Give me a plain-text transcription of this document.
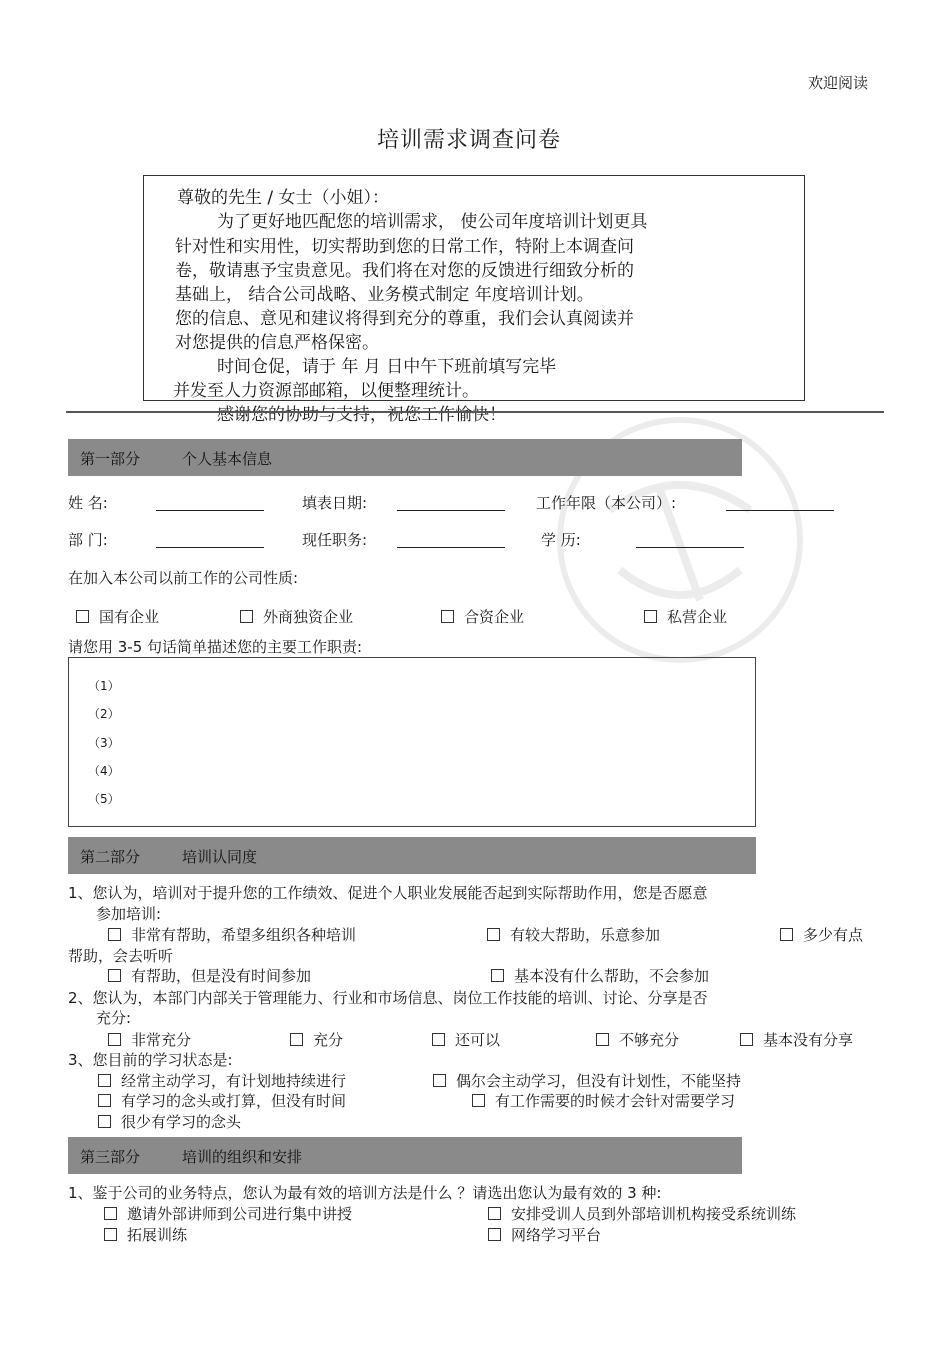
欢迎阅读
培训需求调查问卷
尊敬的先生 / 女士（小姐）：
为了更好地匹配您的培训需求， 使公司年度培训计划更具
针对性和实用性，切实帮助到您的日常工作，特附上本调查问
卷，敬请惠予宝贵意见。我们将在对您的反馈进行细致分析的
基础上， 结合公司战略、业务模式制定 年度培训计划。
您的信息、意见和建议将得到充分的尊重，我们会认真阅读并
对您提供的信息严格保密。
时间仓促，请于 年 月 日中午下班前填写完毕
并发至人力资源部邮箱，以便整理统计。
感谢您的协助与支持，祝您工作愉快！
第一部分	个人基本信息
姓 名:	填表日期:	工作年限（本公司）:
部 门:	现任职务:	学 历:
在加入本公司以前工作的公司性质:
国有企业	外商独资企业	合资企业	私营企业
请您用 3-5 句话简单描述您的主要工作职责:
（1）
（2）
（3）
（4）
（5）
第二部分	培训认同度
1、您认为，培训对于提升您的工作绩效、促进个人职业发展能否起到实际帮助作用，您是否愿意
参加培训:
非常有帮助，希望多组织各种培训	有较大帮助，乐意参加	多少有点
帮助，会去听听
有帮助，但是没有时间参加	基本没有什么帮助，不会参加
2、您认为，本部门内部关于管理能力、行业和市场信息、岗位工作技能的培训、讨论、分享是否
充分:
非常充分	充分	还可以	不够充分	基本没有分享
3、您目前的学习状态是:
经常主动学习，有计划地持续进行	偶尔会主动学习，但没有计划性，不能坚持
有学习的念头或打算，但没有时间	有工作需要的时候才会针对需要学习
很少有学习的念头
第三部分	培训的组织和安排
1、鉴于公司的业务特点，您认为最有效的培训方法是什么 ？请选出您认为最有效的 3 种:
邀请外部讲师到公司进行集中讲授	安排受训人员到外部培训机构接受系统训练
拓展训练	网络学习平台
